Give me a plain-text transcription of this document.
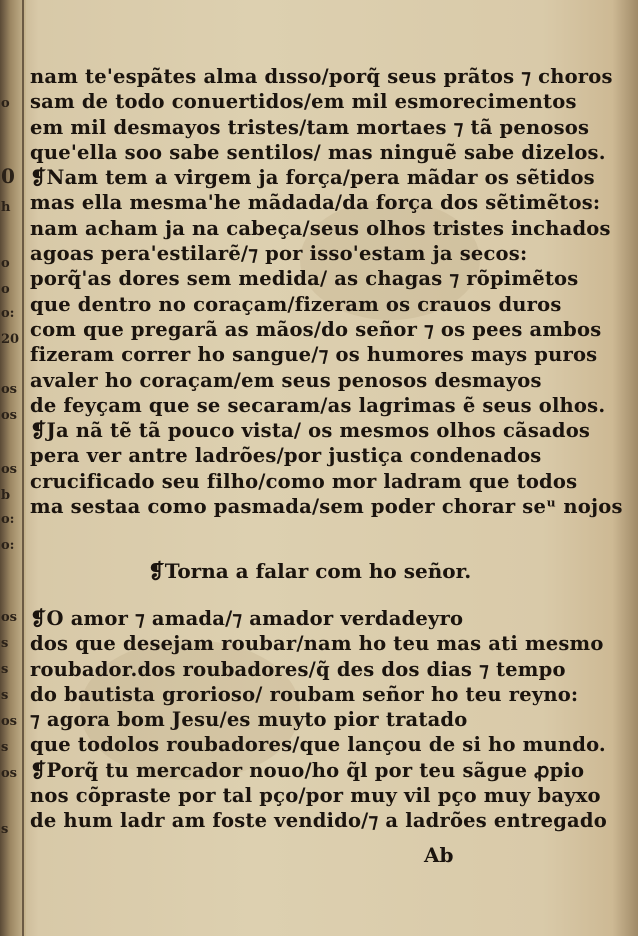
o
0
h
o
o
o:
20
os
os
os
b
o:
o:
os
s
s
s
os
s
os
s
nam te'espãtes alma dısso/porq̃ seus prãtos ⁊ choros
sam de todo conuertidos/em mil esmorecimentos
em mil desmayos tristes/tam mortaes ⁊ tã penosos
que'ella soo sabe sentilos/ mas ninguẽ sabe dizelos.
❡Nam tem a virgem ja força/pera mãdar os sẽtidos
mas ella mesma'he mãdada/da força dos sẽtimẽtos:
nam acham ja na cabeça/seus olhos tristes inchados
agoas pera'estilarẽ/⁊ por isso'estam ja secos:
porq̃'as dores sem medida/ as chagas ⁊ rõpimẽtos
que dentro no coraçam/fizeram os crauos duros
com que pregarã as mãos/do señor ⁊ os pees ambos
fizeram correr ho sangue/⁊ os humores mays puros
avaler ho coraçam/em seus penosos desmayos
de feyçam que se secaram/as lagrimas ẽ seus olhos.
❡Ja nã tẽ tã pouco vista/ os mesmos olhos cãsados
pera ver antre ladrões/por justiça condenados
crucificado seu filho/como mor ladram que todos
ma sestaa como pasmada/sem poder chorar seᵘ nojos
❡Torna a falar com ho señor.
❡O amor ⁊ amada/⁊ amador verdadeyro
dos que desejam roubar/nam ho teu mas ati mesmo
roubador.dos roubadores/q̃ des dos dias ⁊ tempo
do bautista grorioso/ roubam señor ho teu reyno:
⁊ agora bom Jesu/es muyto pior tratado
que todolos roubadores/que lançou de si ho mundo.
❡Porq̃ tu mercador nouo/ho q̃l por teu sãgue ꝓpio
nos cõpraste por tal pço/por muy vil pço muy bayxo
de hum ladr am foste vendido/⁊ a ladrões entregado
Ab
